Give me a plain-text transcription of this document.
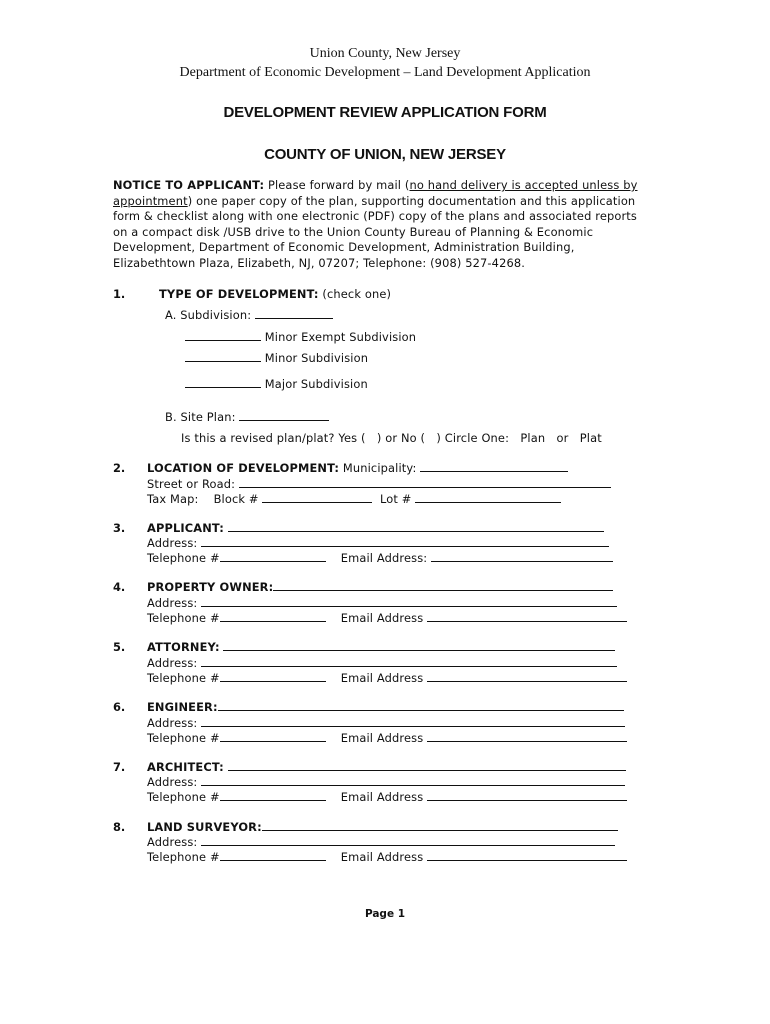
Union County, New Jersey
Department of Economic Development – Land Development Application
DEVELOPMENT REVIEW APPLICATION FORM
COUNTY OF UNION, NEW JERSEY
NOTICE TO APPLICANT: Please forward by mail (no hand delivery is accepted unless by
appointment) one paper copy of the plan, supporting documentation and this application
form & checklist along with one electronic (PDF) copy of the plans and associated reports
on a compact disk /USB drive to the Union County Bureau of Planning & Economic
Development, Department of Economic Development, Administration Building,
Elizabethtown Plaza, Elizabeth, NJ, 07207; Telephone: (908) 527-4268.
1.	TYPE OF DEVELOPMENT: (check one)
A. Subdivision:
Minor Exempt Subdivision
Minor Subdivision
Major Subdivision
B. Site Plan:
Is this a revised plan/plat? Yes (   ) or No (   ) Circle One:   Plan   or   Plat
2. LOCATION OF DEVELOPMENT: Municipality:
Street or Road:
Tax Map: Block #	Lot #
3. APPLICANT:
Address:
Telephone #	Email Address:
4. PROPERTY OWNER:
Address:
Telephone #	Email Address
5. ATTORNEY:
Address:
Telephone #	Email Address
6. ENGINEER:
Address:
Telephone #	Email Address
7. ARCHITECT:
Address:
Telephone #	Email Address
8. LAND SURVEYOR:
Address:
Telephone #	Email Address
Page 1
